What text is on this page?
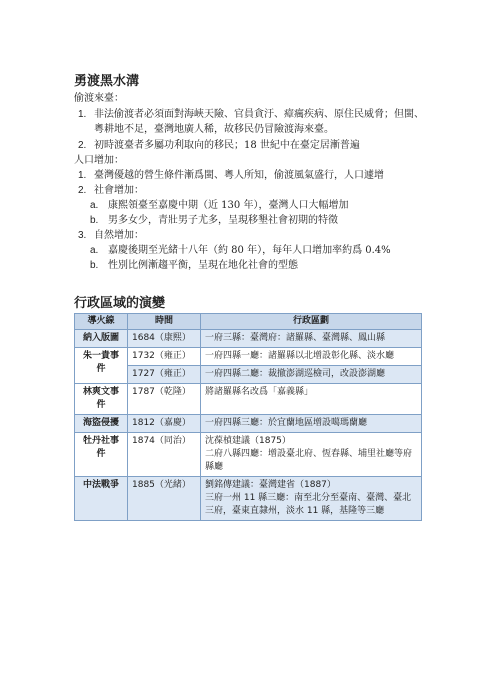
勇渡黑水溝
偷渡來臺：
1. 非法偷渡者必須面對海峽天險、官員貪汙、瘴癘疾病、原住民威脅；但閩、
粵耕地不足，臺灣地廣人稀，故移民仍冒險渡海來臺。
2. 初時渡臺者多屬功利取向的移民；18 世紀中在臺定居漸普遍
人口增加：
1. 臺灣優越的營生條件漸爲閩、粵人所知，偷渡風氣盛行，人口遽增
2. 社會增加：
a. 康熙領臺至嘉慶中期（近 130 年），臺灣人口大幅增加
b. 男多女少，青壯男子尤多，呈現移墾社會初期的特徵
3. 自然增加：
a. 嘉慶後期至光緒十八年（約 80 年），每年人口增加率約爲 0.4%
b. 性別比例漸趨平衡，呈現在地化社會的型態
行政區域的演變
導火線	時間	行政區劃
納入版圖	1684（康熙）	一府三縣：臺灣府：諸羅縣、臺灣縣、鳳山縣
朱一貴事件	1732（雍正）	一府四縣一廳：諸羅縣以北增設彰化縣、淡水廳
	1727（雍正）	一府四縣二廳：裁撤澎湖巡檢司，改設澎湖廳
林爽文事件	1787（乾隆）	將諸羅縣名改爲「嘉義縣」
海盜侵擾	1812（嘉慶）	一府四縣三廳：於宜蘭地區增設噶瑪蘭廳
牡丹社事件	1874（同治）	沈葆楨建議（1875）
二府八縣四廳：增設臺北府、恆春縣、埔里社廳等府縣廳

中法戰爭	1885（光緒）	劉銘傳建議：臺灣建省（1887）
三府一州 11 縣三廳：南至北分至臺南、臺灣、臺北三府，臺東直隸州，淡水 11 縣，基隆等三廳
